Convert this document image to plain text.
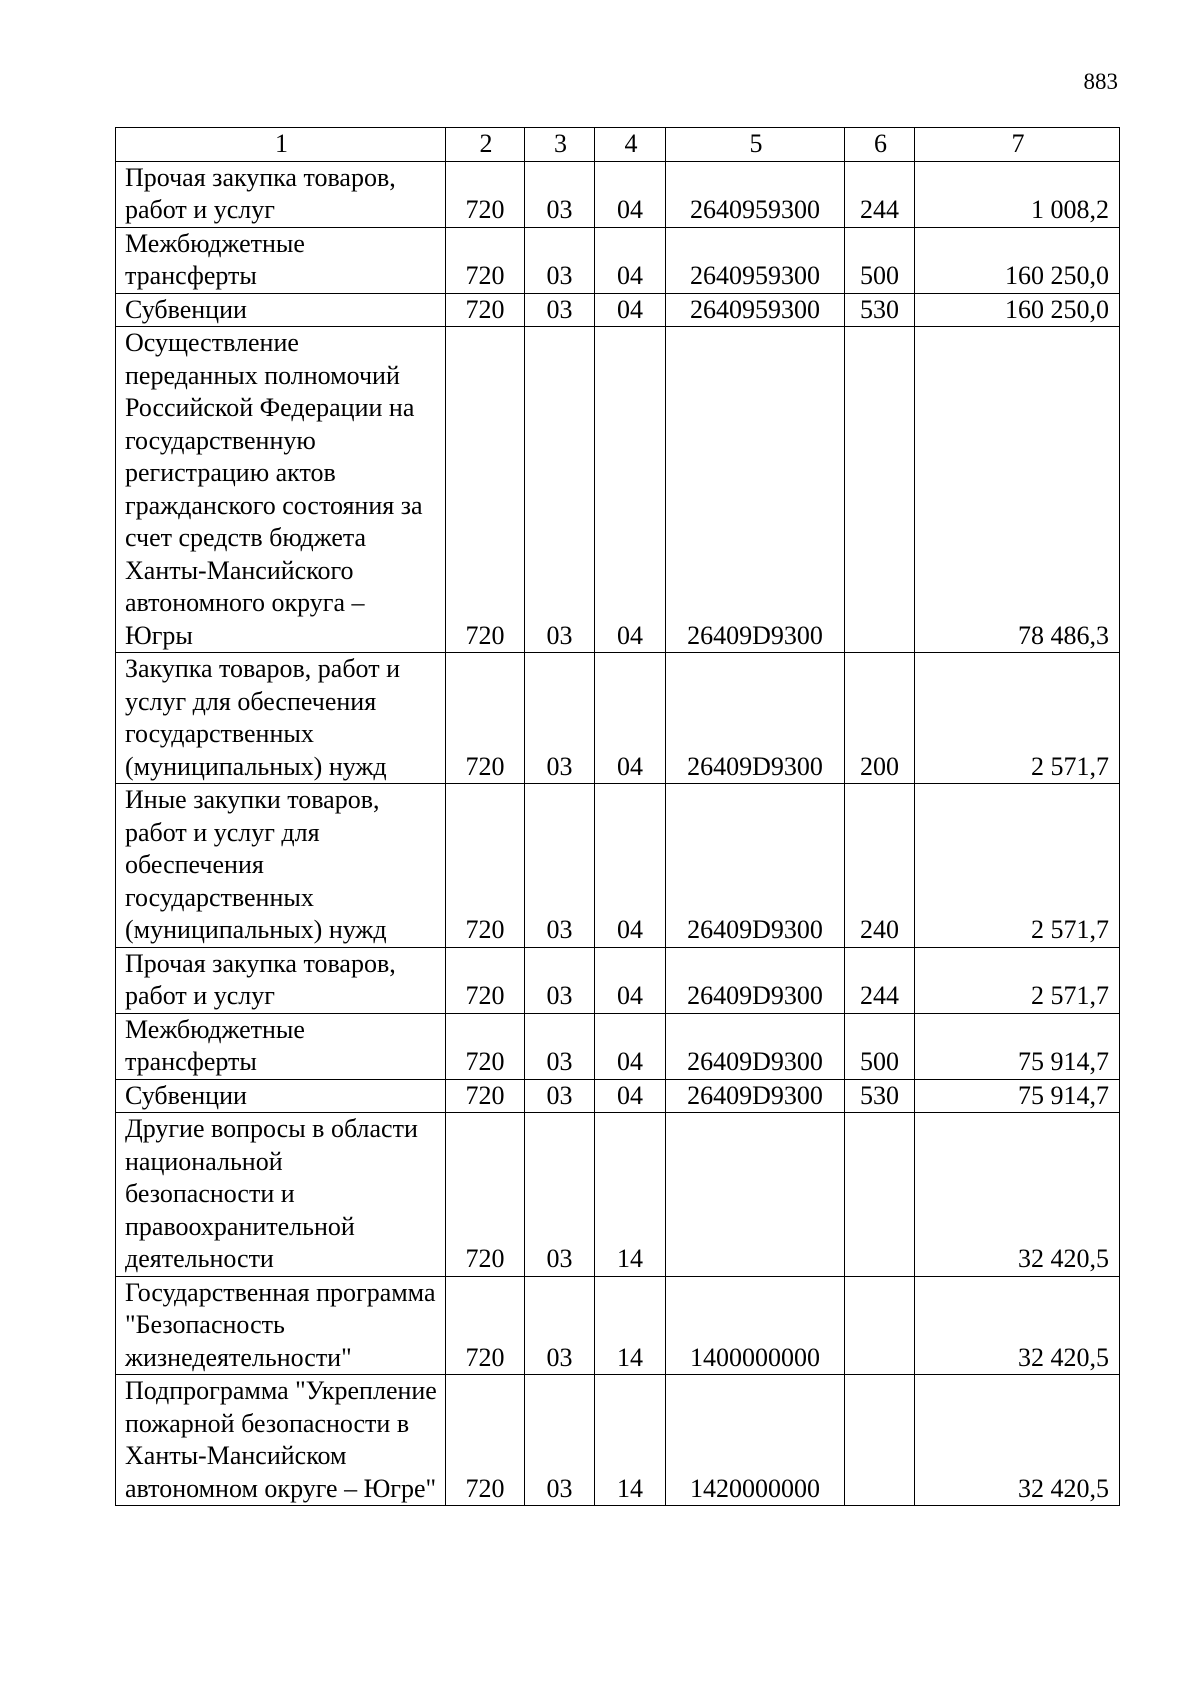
883
1	2	3	4	5	6	7
Прочая закупка товаров, работ и услуг	720	03	04	2640959300	244	1 008,2
Межбюджетные трансферты	720	03	04	2640959300	500	160 250,0
Субвенции	720	03	04	2640959300	530	160 250,0
Осуществление переданных полномочий Российской Федерации на государственную регистрацию актов гражданского состояния за счет средств бюджета Ханты-Мансийского автономного округа – Югры	720	03	04	26409D9300		78 486,3
Закупка товаров, работ и услуг для обеспечения государственных (муниципальных) нужд	720	03	04	26409D9300	200	2 571,7
Иные закупки товаров, работ и услуг для обеспечения государственных (муниципальных) нужд	720	03	04	26409D9300	240	2 571,7
Прочая закупка товаров, работ и услуг	720	03	04	26409D9300	244	2 571,7
Межбюджетные трансферты	720	03	04	26409D9300	500	75 914,7
Субвенции	720	03	04	26409D9300	530	75 914,7
Другие вопросы в области национальной безопасности и правоохранительной деятельности	720	03	14			32 420,5
Государственная программа "Безопасность жизнедеятельности"	720	03	14	1400000000		32 420,5
Подпрограмма "Укрепление пожарной безопасности в Ханты-Мансийском автономном округе – Югре"	720	03	14	1420000000		32 420,5
